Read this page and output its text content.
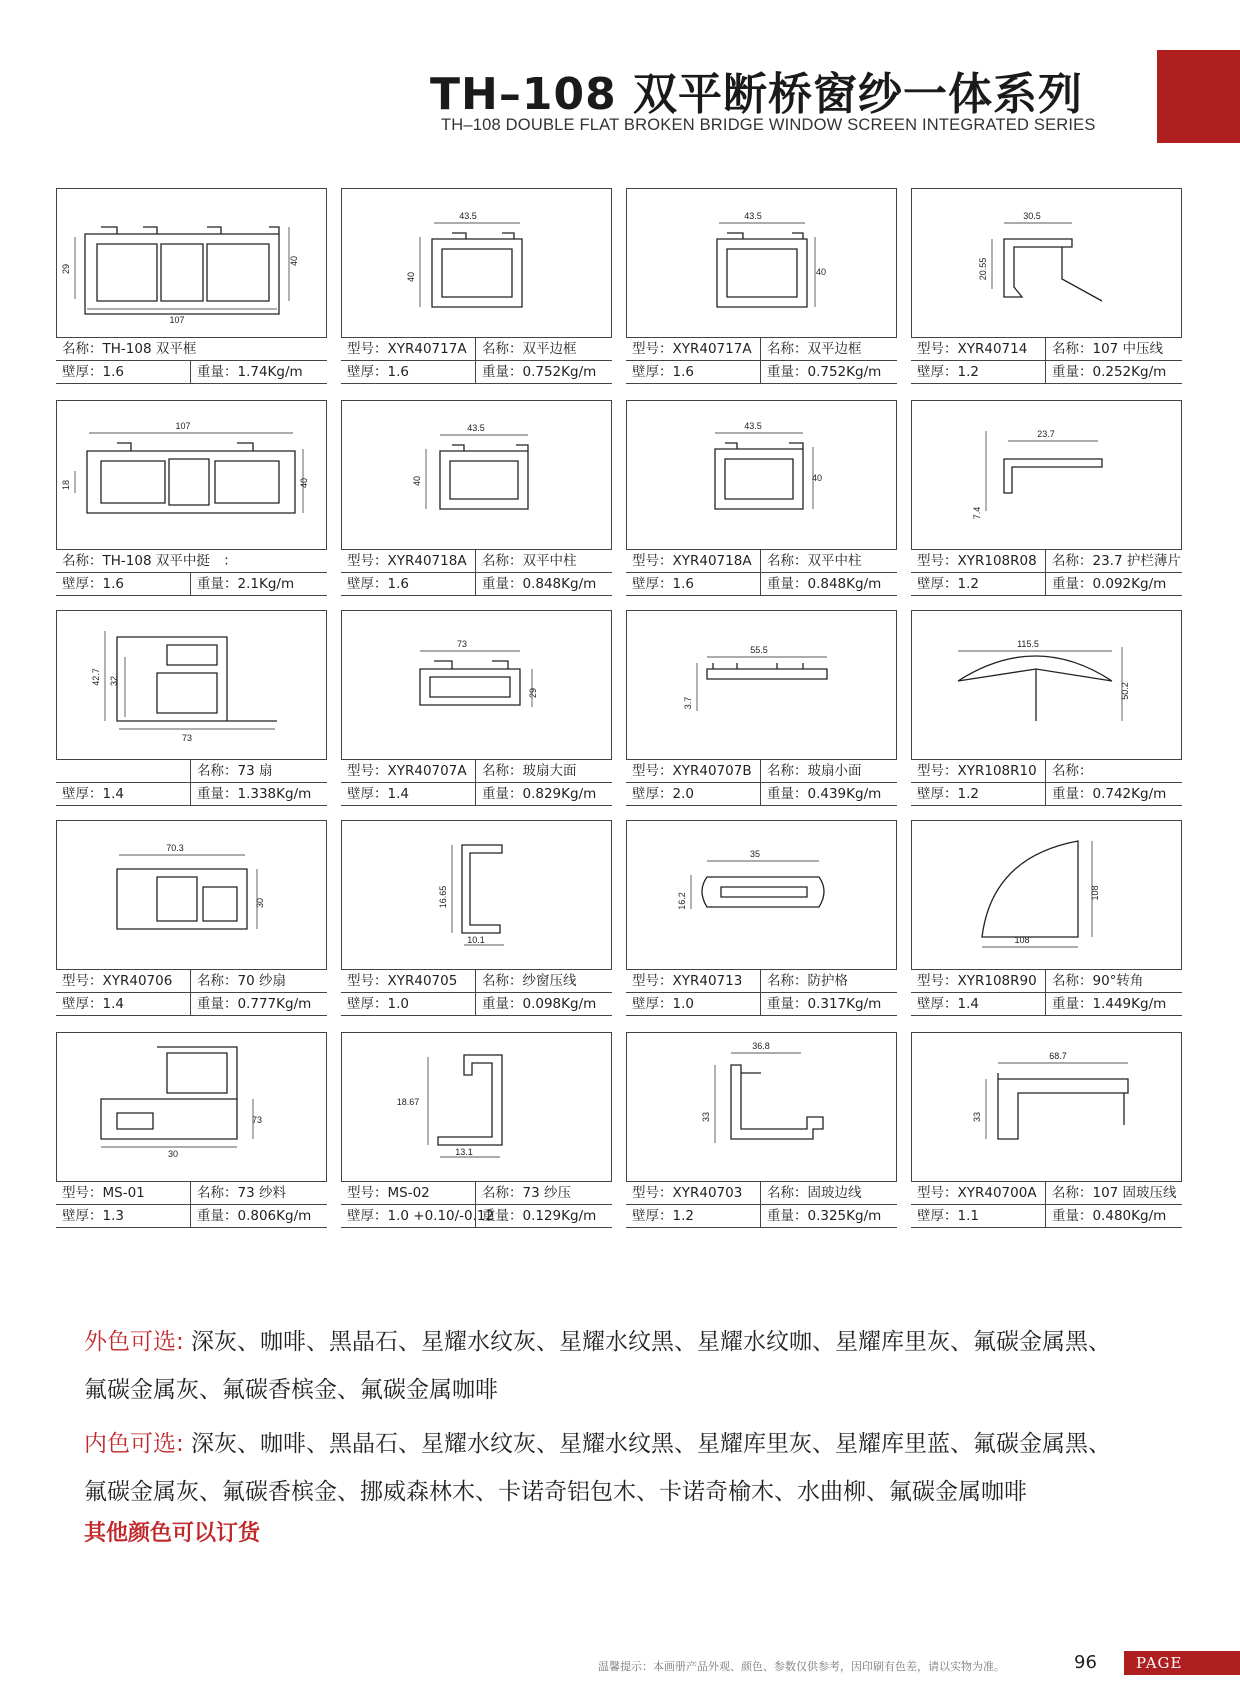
TH–108 双平断桥窗纱一体系列
TH–108 DOUBLE FLAT BROKEN BRIDGE WINDOW SCREEN INTEGRATED SERIES
29
40
107
名称：TH-108 双平框
壁厚：1.6	重量：1.74Kg/m
43.5
40
型号：XYR40717A	名称：双平边框
壁厚：1.6	重量：0.752Kg/m
43.5
40
型号：XYR40717A	名称：双平边框
壁厚：1.6	重量：0.752Kg/m
30.5
20.55
型号：XYR40714	名称：107 中压线
壁厚：1.2	重量：0.252Kg/m
107
18	40
名称：TH-108 双平中挺　：
壁厚：1.6	重量：2.1Kg/m
43.5
40
型号：XYR40718A	名称：双平中柱
壁厚：1.6	重量：0.848Kg/m
43.5
40
型号：XYR40718A	名称：双平中柱
壁厚：1.6	重量：0.848Kg/m
23.7
7.4
型号：XYR108R08	名称：23.7 护栏薄片
壁厚：1.2	重量：0.092Kg/m
42.7 32
73
名称：73 扇
壁厚：1.4	重量：1.338Kg/m
73
29
型号：XYR40707A	名称：玻扇大面
壁厚：1.4	重量：0.829Kg/m
55.5
3.7
型号：XYR40707B	名称：玻扇小面
壁厚：2.0	重量：0.439Kg/m
115.5
50.2
型号：XYR108R10	名称：
壁厚：1.2	重量：0.742Kg/m
70.3
30
型号：XYR40706	名称：70 纱扇
壁厚：1.4	重量：0.777Kg/m
16.65
10.1
型号：XYR40705	名称：纱窗压线
壁厚：1.0	重量：0.098Kg/m
35
16.2
型号：XYR40713	名称：防护格
壁厚：1.0	重量：0.317Kg/m
108
108
型号：XYR108R90	名称：90°转角
壁厚：1.4	重量：1.449Kg/m
30
73
型号：MS-01	名称：73 纱料
壁厚：1.3	重量：0.806Kg/m
18.67
13.1
型号：MS-02	名称：73 纱压
壁厚：1.0 +0.10/-0.12
重量：0.129Kg/m
36.8
33
型号：XYR40703	名称：固玻边线
壁厚：1.2	重量：0.325Kg/m
68.7
33
型号：XYR40700A	名称：107 固玻压线
壁厚：1.1	重量：0.480Kg/m
外色可选: 深灰、咖啡、黑晶石、星耀水纹灰、星耀水纹黑、星耀水纹咖、星耀库里灰、氟碳金属黑、
氟碳金属灰、氟碳香槟金、氟碳金属咖啡
内色可选: 深灰、咖啡、黑晶石、星耀水纹灰、星耀水纹黑、星耀库里灰、星耀库里蓝、氟碳金属黑、
氟碳金属灰、氟碳香槟金、挪威森林木、卡诺奇铝包木、卡诺奇榆木、水曲柳、氟碳金属咖啡
其他颜色可以订货
温馨提示：本画册产品外观、颜色、参数仅供参考，因印刷有色差，请以实物为准。	96	PAGE
